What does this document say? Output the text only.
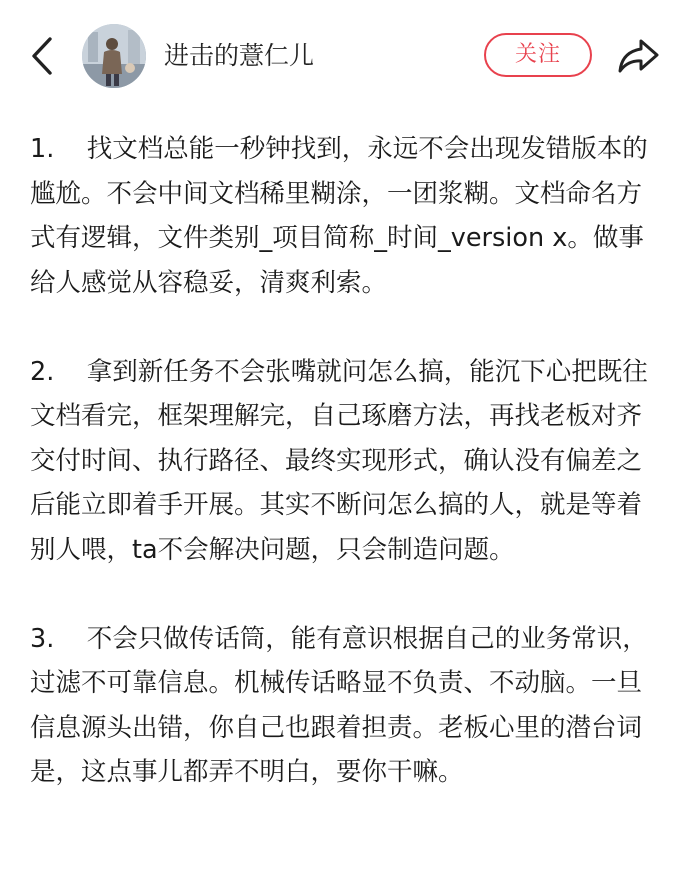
进击的薏仁儿	关注

1.    找文档总能一秒钟找到，永远不会出现发错版本的尴尬。不会中间文档稀里糊涂，一团浆糊。文档命名方式有逻辑，文件类别_项目简称_时间_version x。做事给人感觉从容稳妥，清爽利索。

2.    拿到新任务不会张嘴就问怎么搞，能沉下心把既往文档看完，框架理解完，自己琢磨方法，再找老板对齐交付时间、执行路径、最终实现形式，确认没有偏差之后能立即着手开展。其实不断问怎么搞的人，就是等着别人喂，ta不会解决问题，只会制造问题。

3.    不会只做传话筒，能有意识根据自己的业务常识，过滤不可靠信息。机械传话略显不负责、不动脑。一旦信息源头出错，你自己也跟着担责。老板心里的潜台词是，这点事儿都弄不明白，要你干嘛。
